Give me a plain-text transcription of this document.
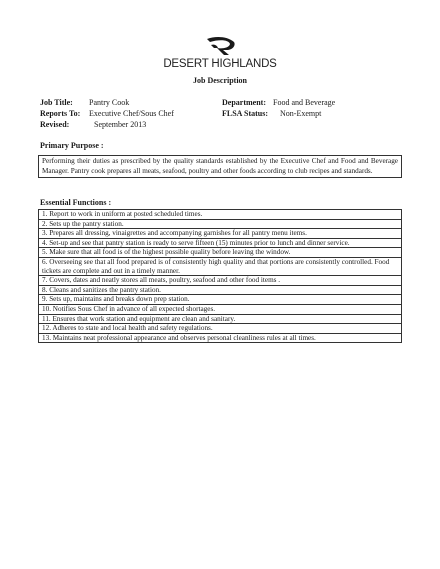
DESERT HIGHLANDS
Job Description
Job Title: Pantry Cook
Reports To: Executive Chef/Sous Chef
Revised:	September 2013
Department: Food and Beverage
FLSA Status: Non-Exempt
Primary Purpose :
Performing their duties as prescribed by the quality standards established by the Executive Chef and Food and Beverage Manager. Pantry cook prepares all meats, seafood, poultry and other foods according to club recipes and standards.
Essential Functions :
1. Report to work in uniform at posted scheduled times.
2. Sets up the pantry station.
3. Prepares all dressing, vinaigrettes and accompanying garnishes for all pantry menu items.
4. Set-up and see that pantry station is ready to serve fifteen (15) minutes prior to lunch and dinner service.
5. Make sure that all food is of the highest possible quality before leaving the window.
6. Overseeing see that all food prepared is of consistently high quality and that portions are consistently controlled. Food tickets are complete and out in a timely manner.
7. Covers, dates and neatly stores all meats, poultry, seafood and other food items .
8. Cleans and sanitizes the pantry station.
9. Sets up, maintains and breaks down prep station.
10. Notifies Sous Chef in advance of all expected shortages.
11. Ensures that work station and equipment are clean and sanitary.
12. Adheres to state and local health and safety regulations.
13. Maintains neat professional appearance and observes personal cleanliness rules at all times.
